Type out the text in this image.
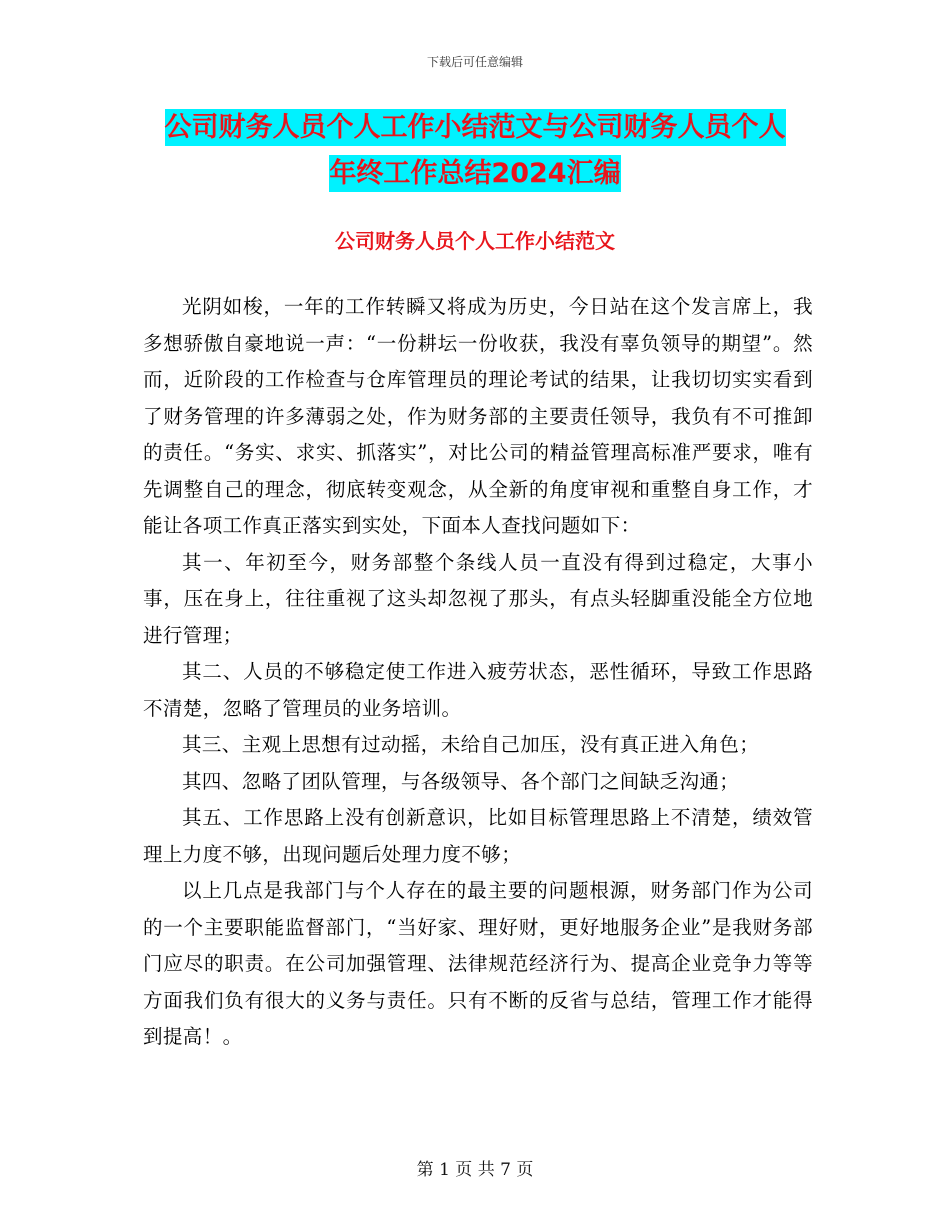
下载后可任意编辑
公司财务人员个人工作小结范文与公司财务人员个人
年终工作总结2024汇编
公司财务人员个人工作小结范文

光阴如梭，一年的工作转瞬又将成为历史，今日站在这个发言席上，我多想骄傲自豪地说一声：“一份耕坛一份收获，我没有辜负领导的期望”。然而，近阶段的工作检查与仓库管理员的理论考试的结果，让我切切实实看到了财务管理的许多薄弱之处，作为财务部的主要责任领导，我负有不可推卸的责任。“务实、求实、抓落实”，对比公司的精益管理高标准严要求，唯有先调整自己的理念，彻底转变观念，从全新的角度审视和重整自身工作，才能让各项工作真正落实到实处，下面本人查找问题如下：

其一、年初至今，财务部整个条线人员一直没有得到过稳定，大事小事，压在身上，往往重视了这头却忽视了那头，有点头轻脚重没能全方位地进行管理；

其二、人员的不够稳定使工作进入疲劳状态，恶性循环，导致工作思路不清楚，忽略了管理员的业务培训。

其三、主观上思想有过动摇，未给自己加压，没有真正进入角色；

其四、忽略了团队管理，与各级领导、各个部门之间缺乏沟通；

其五、工作思路上没有创新意识，比如目标管理思路上不清楚，绩效管理上力度不够，出现问题后处理力度不够；

以上几点是我部门与个人存在的最主要的问题根源，财务部门作为公司的一个主要职能监督部门，“当好家、理好财，更好地服务企业”是我财务部门应尽的职责。在公司加强管理、法律规范经济行为、提高企业竞争力等等方面我们负有很大的义务与责任。只有不断的反省与总结，管理工作才能得到提高！。

第 1 页 共 7 页
